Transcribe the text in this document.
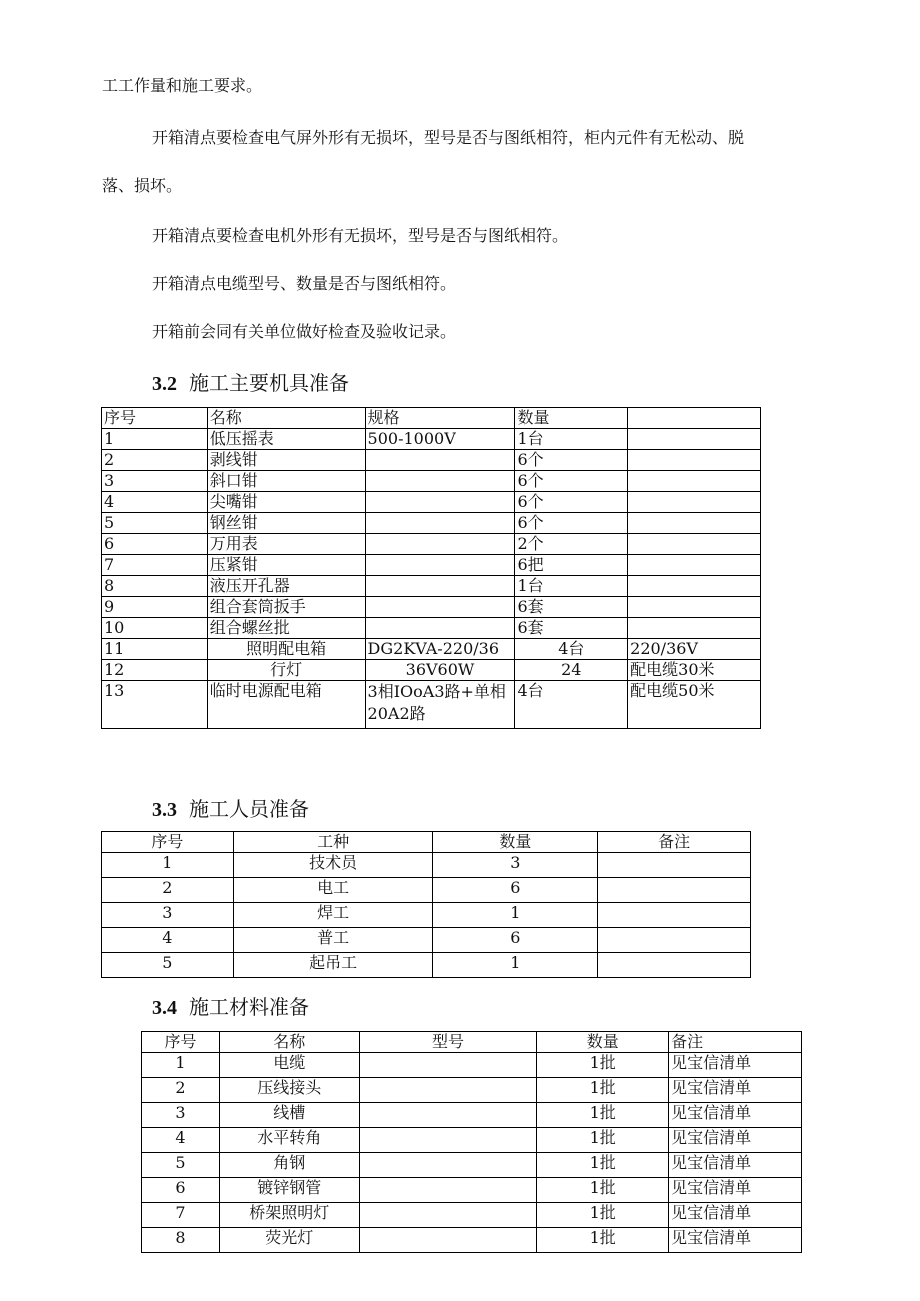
工工作量和施工要求。
开箱清点要检查电气屏外形有无损坏，型号是否与图纸相符，柜内元件有无松动、脱
落、损坏。
开箱清点要检查电机外形有无损坏，型号是否与图纸相符。
开箱清点电缆型号、数量是否与图纸相符。
开箱前会同有关单位做好检查及验收记录。
3.2 施工主要机具准备
序号	名称	规格	数量	
1	低压摇表	500-1000V	1台	
2	剥线钳		6个	
3	斜口钳		6个	
4	尖嘴钳		6个	
5	钢丝钳		6个	
6	万用表		2个	
7	压紧钳		6把	
8	液压开孔器		1台	
9	组合套筒扳手		6套	
10	组合螺丝批		6套	
11	照明配电箱	DG2KVA-220/36	4台	220/36V
12	行灯	36V60W	24	配电缆30米
13	临时电源配电箱	3相IOoA3路+单相20A2路	4台	配电缆50米
3.3 施工人员准备
序号	工种	数量	备注
1	技术员	3	
2	电工	6	
3	焊工	1	
4	普工	6	
5	起吊工	1	
3.4 施工材料准备
序号	名称	型号	数量	备注
1	电缆		1批	见宝信清单
2	压线接头		1批	见宝信清单
3	线槽		1批	见宝信清单
4	水平转角		1批	见宝信清单
5	角钢		1批	见宝信清单
6	镀锌钢管		1批	见宝信清单
7	桥架照明灯		1批	见宝信清单
8	荧光灯		1批	见宝信清单
